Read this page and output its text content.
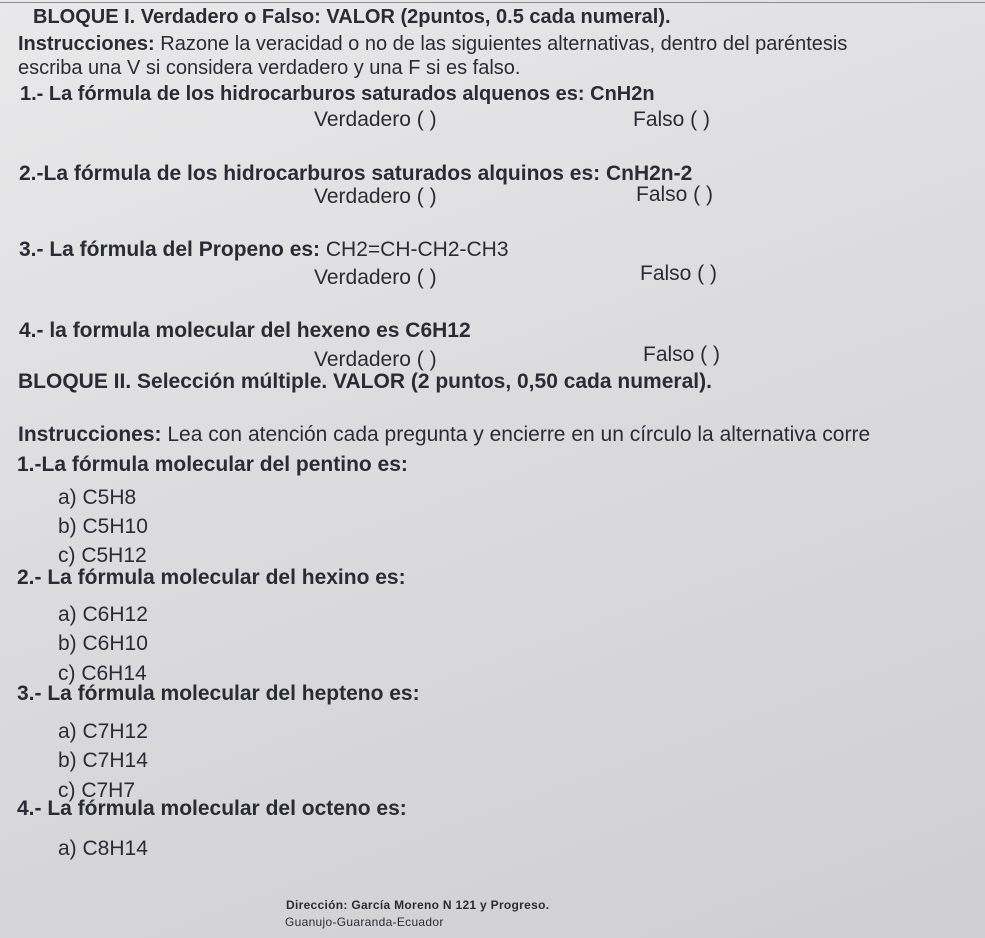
BLOQUE I. Verdadero o Falso: VALOR (2puntos, 0.5 cada numeral).
Instrucciones: Razone la veracidad o no de las siguientes alternativas, dentro del paréntesis
escriba una V si considera verdadero y una F si es falso.
1.- La fórmula de los hidrocarburos saturados alquenos es: CnH2n
Verdadero ( )	Falso ( )
2.-La fórmula de los hidrocarburos saturados alquinos es: CnH2n-2
Verdadero ( )	Falso ( )
3.- La fórmula del Propeno es: CH2=CH-CH2-CH3
Verdadero ( )	Falso ( )
4.- la formula molecular del hexeno es C6H12
Verdadero ( )	Falso ( )
BLOQUE II. Selección múltiple. VALOR (2 puntos, 0,50 cada numeral).
Instrucciones: Lea con atención cada pregunta y encierre en un círculo la alternativa corre
1.-La fórmula molecular del pentino es:
a) C5H8
b) C5H10
c) C5H12
2.- La fórmula molecular del hexino es:
a) C6H12
b) C6H10
c) C6H14
3.- La fórmula molecular del hepteno es:
a) C7H12
b) C7H14
c) C7H7
4.- La fórmula molecular del octeno es:
a) C8H14
Dirección: García Moreno N 121 y Progreso.
Guanujo-Guaranda-Ecuador
